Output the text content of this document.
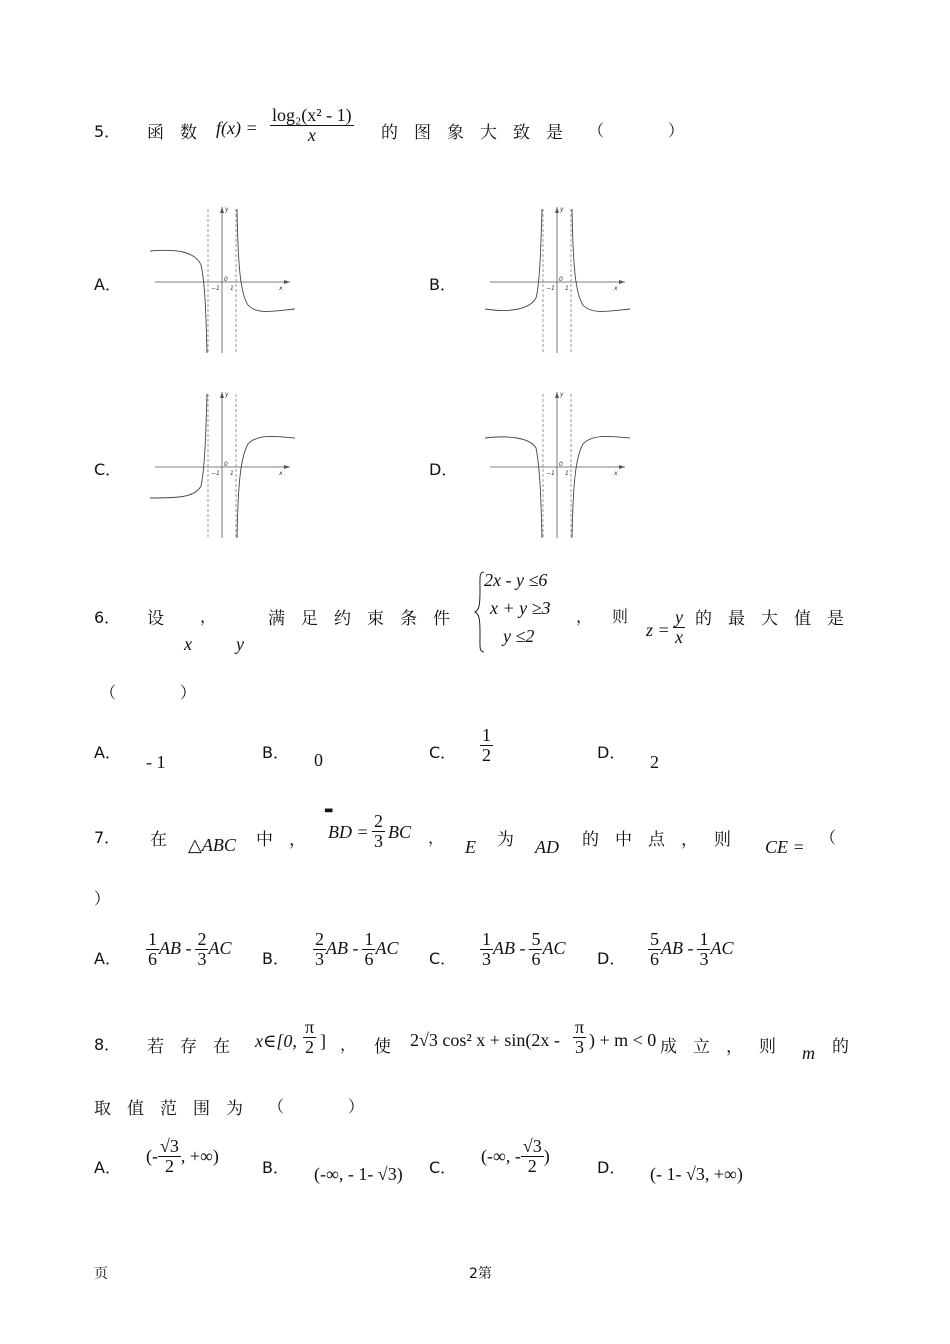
5． 函数 $f(x) = \frac{\text{log₂(x² - 1)}}{x}$ 的图象大致是 （　　　　）
A．	B．
C．	D．
−1
0
1	x
y
−1
0
1	x
y
−1
0
1	x
y
−1
0
1	x
y
6． 设 ，
x y
满足约束条件
2x - y ≤6
x + y ≥3
y ≤2
，　则
$z = \frac{y}{x}$ 的最大值是
（　　　　）
A． - 1	B． 0	C． $\frac{1}{2}$	D． 2
7． 在 △ABC 中， BD =
▬
$\frac{2}{3}$ BC ， E 为 AD 的中点，则 CE = （
）
A．	B．	C．	D．
$\frac{1}{6}$ AB - $\frac{2}{3}$ AC	$\frac{2}{3}$ AB - $\frac{1}{6}$ AC	$\frac{1}{3}$ AB - $\frac{5}{6}$ AC	$\frac{5}{6}$ AB - $\frac{1}{3}$ AC
8． 若存在 x∈[0, $\frac{\pi}{2}$ ] ， 使 2√3 cos² $x + \sin(2x - \frac{\pi}{3}$ ) + m < 0 成立，则 m 的
取值范围为 （　　　　）
A．
(- $\frac{√3}{2}$ , +∞)
B． (-∞, - 1- √3) C．
(-∞, - $\frac{√3}{2}$ )
D． (- 1- √3, +∞)
页	2第
